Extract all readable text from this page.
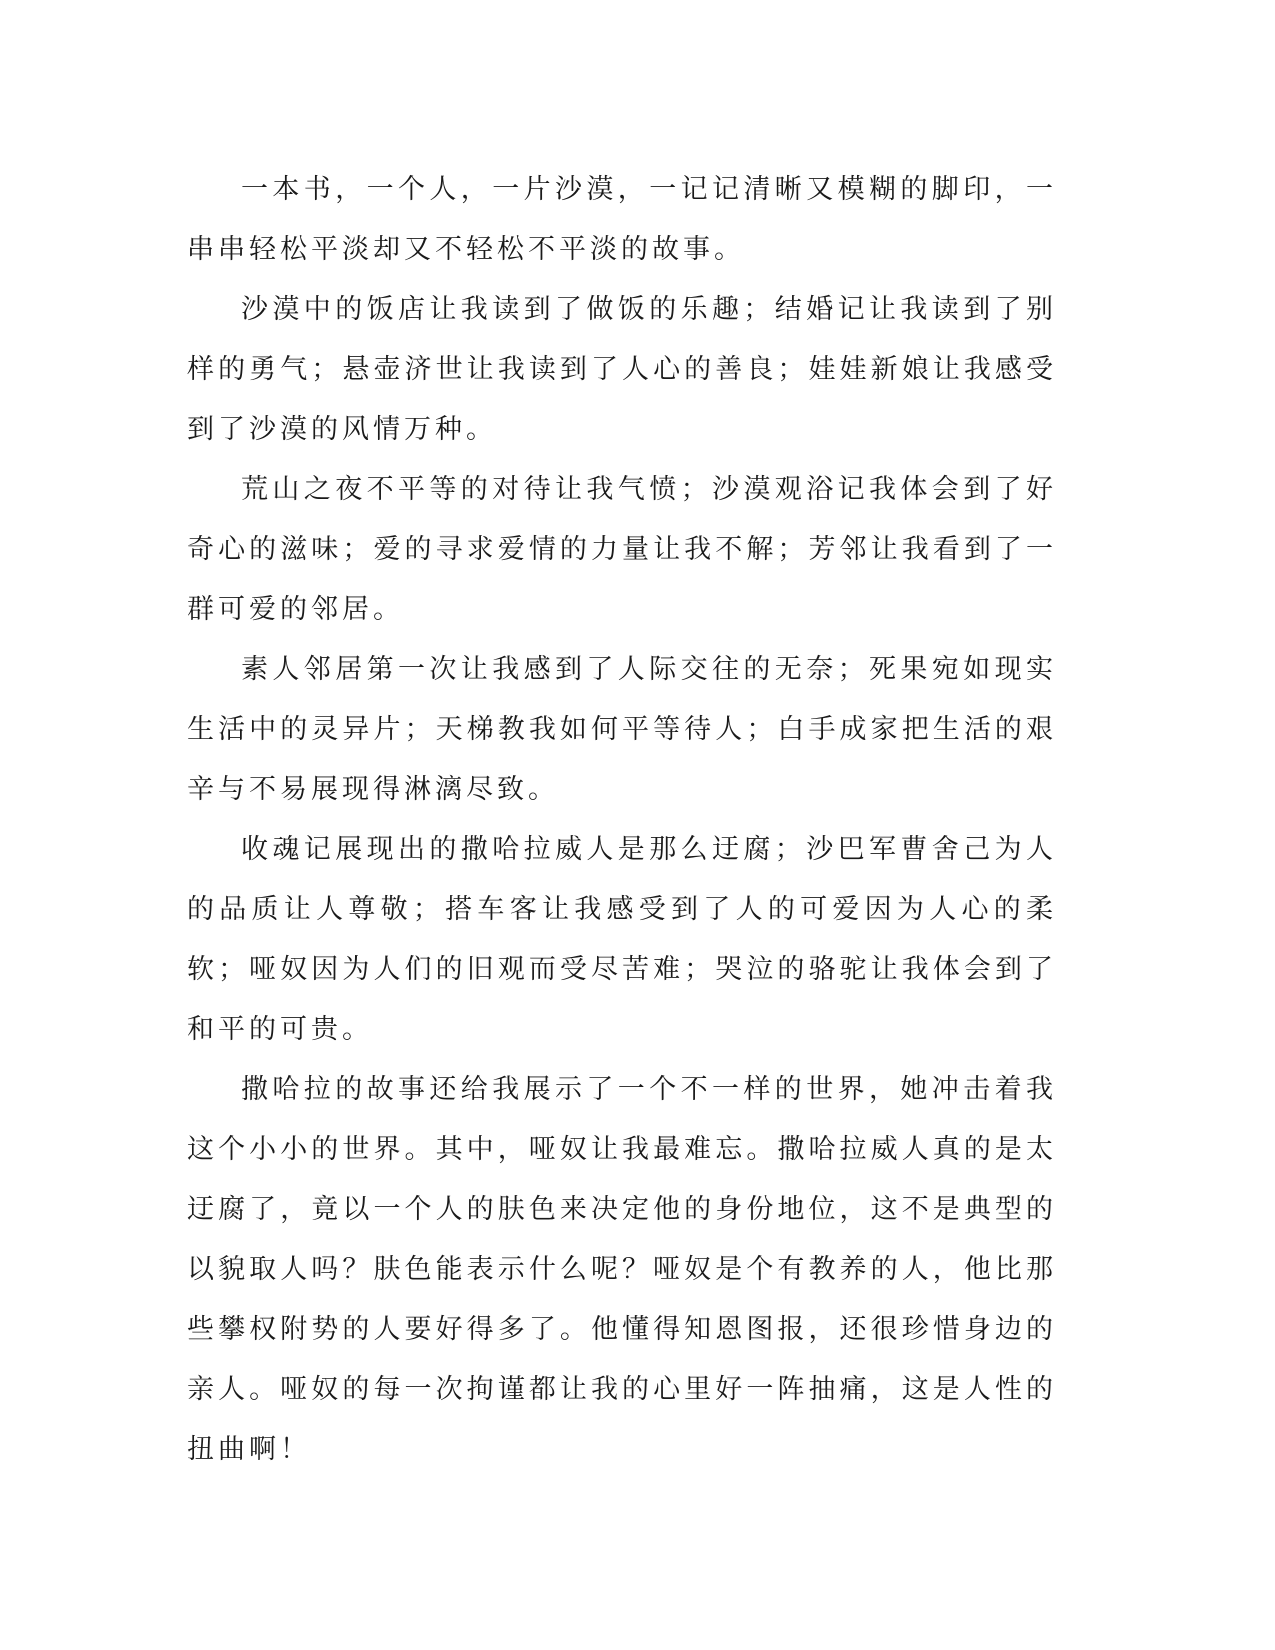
一本书，一个人，一片沙漠，一记记清晰又模糊的脚印，一串串轻松平淡却又不轻松不平淡的故事。

沙漠中的饭店让我读到了做饭的乐趣；结婚记让我读到了别样的勇气；悬壶济世让我读到了人心的善良；娃娃新娘让我感受到了沙漠的风情万种。

荒山之夜不平等的对待让我气愤；沙漠观浴记我体会到了好奇心的滋味；爱的寻求爱情的力量让我不解；芳邻让我看到了一群可爱的邻居。

素人邻居第一次让我感到了人际交往的无奈；死果宛如现实生活中的灵异片；天梯教我如何平等待人；白手成家把生活的艰辛与不易展现得淋漓尽致。

收魂记展现出的撒哈拉威人是那么迂腐；沙巴军曹舍己为人的品质让人尊敬；搭车客让我感受到了人的可爱因为人心的柔软；哑奴因为人们的旧观而受尽苦难；哭泣的骆驼让我体会到了和平的可贵。

撒哈拉的故事还给我展示了一个不一样的世界，她冲击着我这个小小的世界。其中，哑奴让我最难忘。撒哈拉威人真的是太迂腐了，竟以一个人的肤色来决定他的身份地位，这不是典型的以貌取人吗？肤色能表示什么呢？哑奴是个有教养的人，他比那些攀权附势的人要好得多了。他懂得知恩图报，还很珍惜身边的亲人。哑奴的每一次拘谨都让我的心里好一阵抽痛，这是人性的扭曲啊！
